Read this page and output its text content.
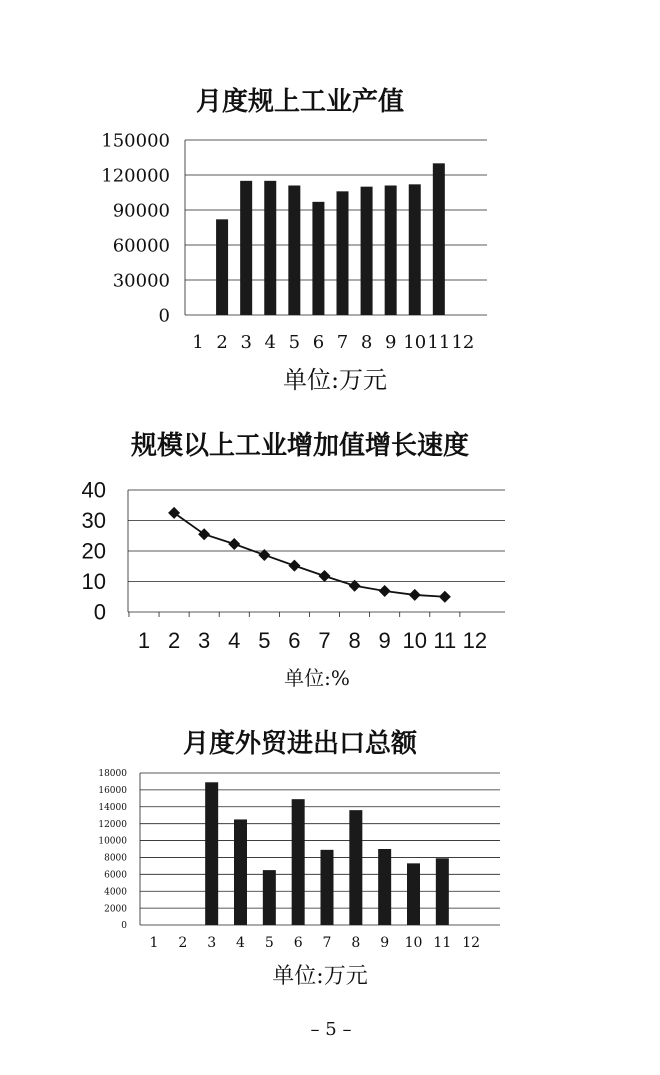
月度规上工业产值
0
30000
60000
90000
120000
150000
1 2 3 4 5 6 7 8 9 10 11 12
单位:万元
规模以上工业增加值增长速度
0
10
20
30
40
1 2 3 4 5 6 7 8 9 10 11 12
单位:%
月度外贸进出口总额
0
2000
4000
6000
8000
10000
12000
14000
16000
18000
1 2 3 4 5 6 7 8 9 10 11 12
单位:万元
– 5 –
